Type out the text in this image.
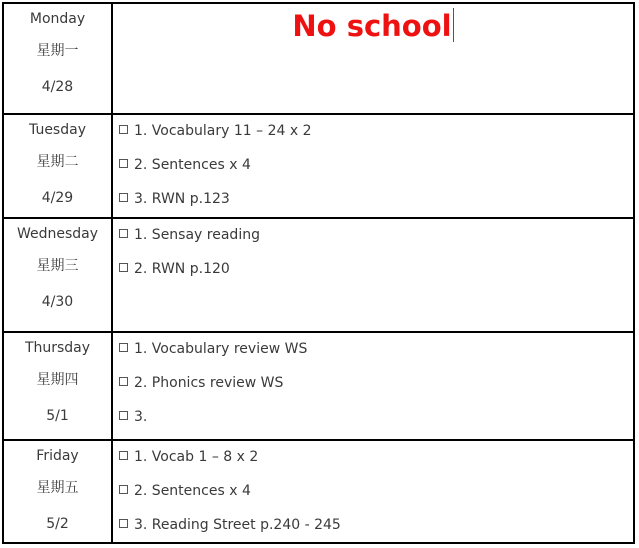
Monday
星期一
4/28
No school
Tuesday
星期二
4/29
1. Vocabulary 11 – 24 x 2
2. Sentences x 4
3. RWN p.123
Wednesday
星期三
4/30
1. Sensay reading
2. RWN p.120
Thursday
星期四
5/1
1. Vocabulary review WS
2. Phonics review WS
3.
Friday
星期五
5/2
1. Vocab 1 – 8 x 2
2. Sentences x 4
3. Reading Street p.240 - 245
